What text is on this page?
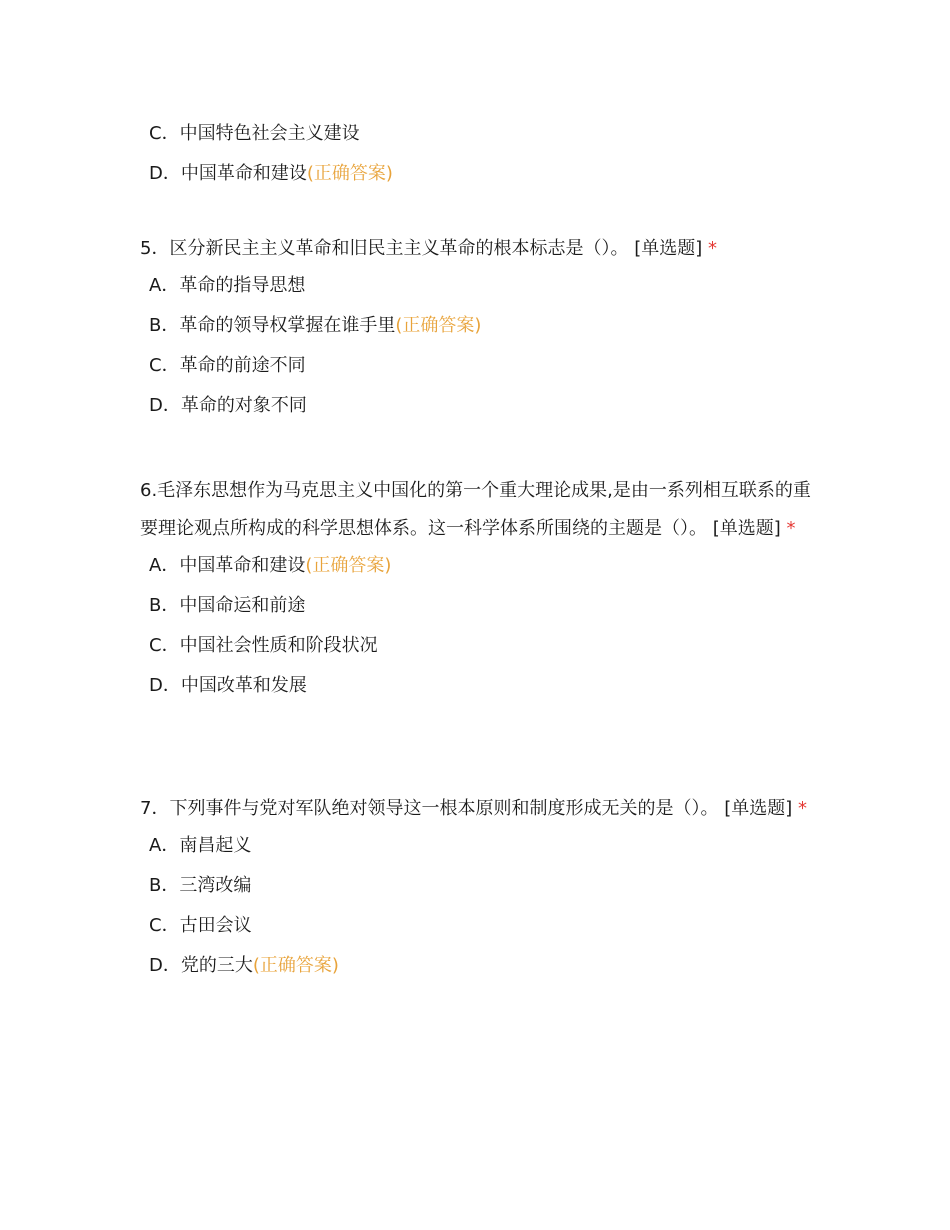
C．中国特色社会主义建设
D．中国革命和建设(正确答案)
5．区分新民主主义革命和旧民主主义革命的根本标志是（）。 [单选题] *
A．革命的指导思想
B．革命的领导权掌握在谁手里(正确答案)
C．革命的前途不同
D．革命的对象不同
6.毛泽东思想作为马克思主义中国化的第一个重大理论成果,是由一系列相互联系的重要理论观点所构成的科学思想体系。这一科学体系所围绕的主题是（）。 [单选题] *
A．中国革命和建设(正确答案)
B．中国命运和前途
C．中国社会性质和阶段状况
D．中国改革和发展
7．下列事件与党对军队绝对领导这一根本原则和制度形成无关的是（）。 [单选题] *
A．南昌起义
B．三湾改编
C．古田会议
D．党的三大(正确答案)
